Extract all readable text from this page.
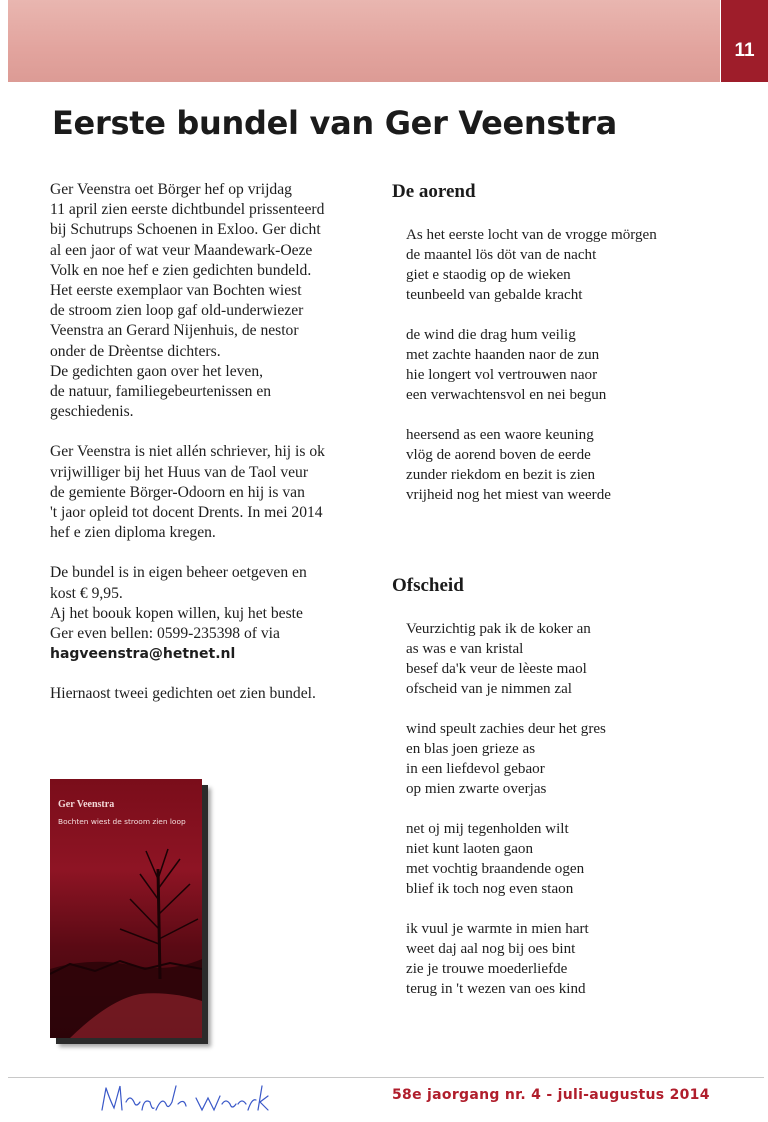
11
Eerste bundel van Ger Veenstra

Ger Veenstra oet Börger hef op vrijdag
11 april zien eerste dichtbundel prissenteerd
bij Schutrups Schoenen in Exloo. Ger dicht
al een jaor of wat veur Maandewark-Oeze
Volk en noe hef e zien gedichten bundeld.
Het eerste exemplaor van Bochten wiest
de stroom zien loop gaf old-underwiezer
Veenstra an Gerard Nijenhuis, de nestor
onder de Drèentse dichters.
De gedichten gaon over het leven,
de natuur, familiegebeurtenissen en
geschiedenis.

Ger Veenstra is niet allén schriever, hij is ok
vrijwilliger bij het Huus van de Taol veur
de gemiente Börger-Odoorn en hij is van
't jaor opleid tot docent Drents. In mei 2014
hef e zien diploma kregen.

De bundel is in eigen beheer oetgeven en
kost € 9,95.
Aj het boouk kopen willen, kuj het beste
Ger even bellen: 0599-235398 of via
hagveenstra@hetnet.nl

Hiernaost tweei gedichten oet zien bundel.

De aorend
As het eerste locht van de vrogge mörgen
de maantel lös döt van de nacht
giet e staodig op de wieken
teunbeeld van gebalde kracht
de wind die drag hum veilig
met zachte haanden naor de zun
hie longert vol vertrouwen naor
een verwachtensvol en nei begun
heersend as een waore keuning
vlög de aorend boven de eerde
zunder riekdom en bezit is zien
vrijheid nog het miest van weerde
Ofscheid
Veurzichtig pak ik de koker an
as was e van kristal
besef da'k veur de lèeste maol
ofscheid van je nimmen zal
wind speult zachies deur het gres
en blas joen grieze as
in een liefdevol gebaor
op mien zwarte overjas
net oj mij tegenholden wilt
niet kunt laoten gaon
met vochtig braandende ogen
blief ik toch nog even staon
ik vuul je warmte in mien hart
weet daj aal nog bij oes bint
zie je trouwe moederliefde
terug in 't wezen van oes kind
Ger Veenstra
Bochten wiest de stroom zien loop
58e jaorgang nr. 4 - juli-augustus 2014
